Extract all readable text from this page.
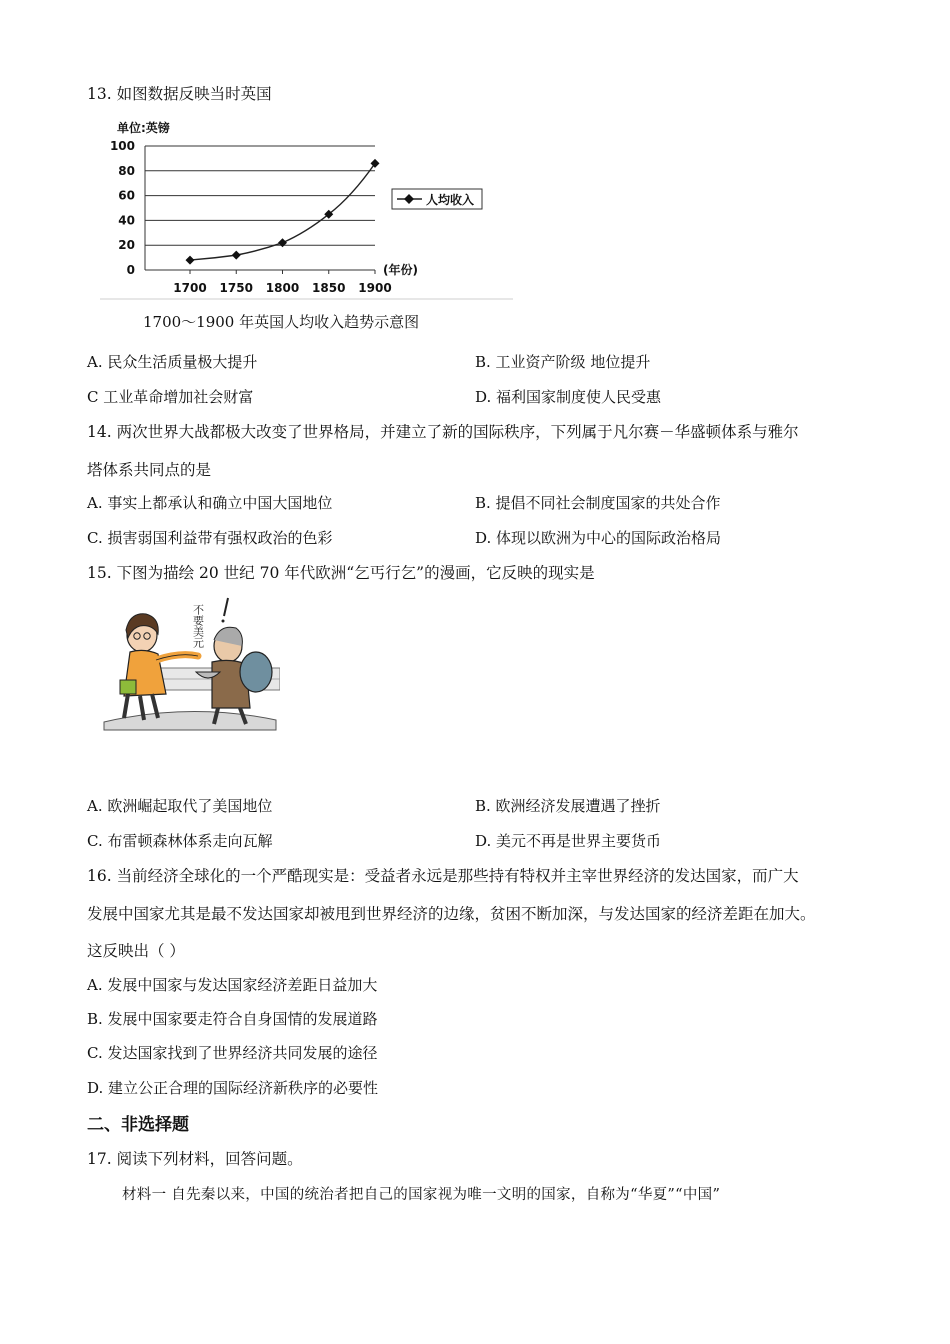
13. 如图数据反映当时英国
单位:英镑
0
20
40
60
80
100
1700 1750 1800 1850 1900
(年份)
人均收入
1700～1900 年英国人均收入趋势示意图
A. 民众生活质量极大提升	B. 工业资产阶级 地位提升
C 工业革命增加社会财富	D. 福利国家制度使人民受惠
14. 两次世界大战都极大改变了世界格局，并建立了新的国际秩序，下列属于凡尔赛－华盛顿体系与雅尔
塔体系共同点的是
A. 事实上都承认和确立中国大国地位	B. 提倡不同社会制度国家的共处合作
C. 损害弱国利益带有强权政治的色彩	D. 体现以欧洲为中心的国际政治格局
15. 下图为描绘 20 世纪 70 年代欧洲“乞丐行乞”的漫画，它反映的现实是
不要美元
A. 欧洲崛起取代了美国地位	B. 欧洲经济发展遭遇了挫折
C. 布雷顿森林体系走向瓦解	D. 美元不再是世界主要货币
16. 当前经济全球化的一个严酷现实是：受益者永远是那些持有特权并主宰世界经济的发达国家，而广大
发展中国家尤其是最不发达国家却被甩到世界经济的边缘，贫困不断加深，与发达国家的经济差距在加大。
这反映出（ ）
A. 发展中国家与发达国家经济差距日益加大
B. 发展中国家要走符合自身国情的发展道路
C. 发达国家找到了世界经济共同发展的途径
D. 建立公正合理的国际经济新秩序的必要性
二、非选择题
17. 阅读下列材料，回答问题。
材料一 自先秦以来，中国的统治者把自己的国家视为唯一文明的国家，自称为“华夏”“中国”
